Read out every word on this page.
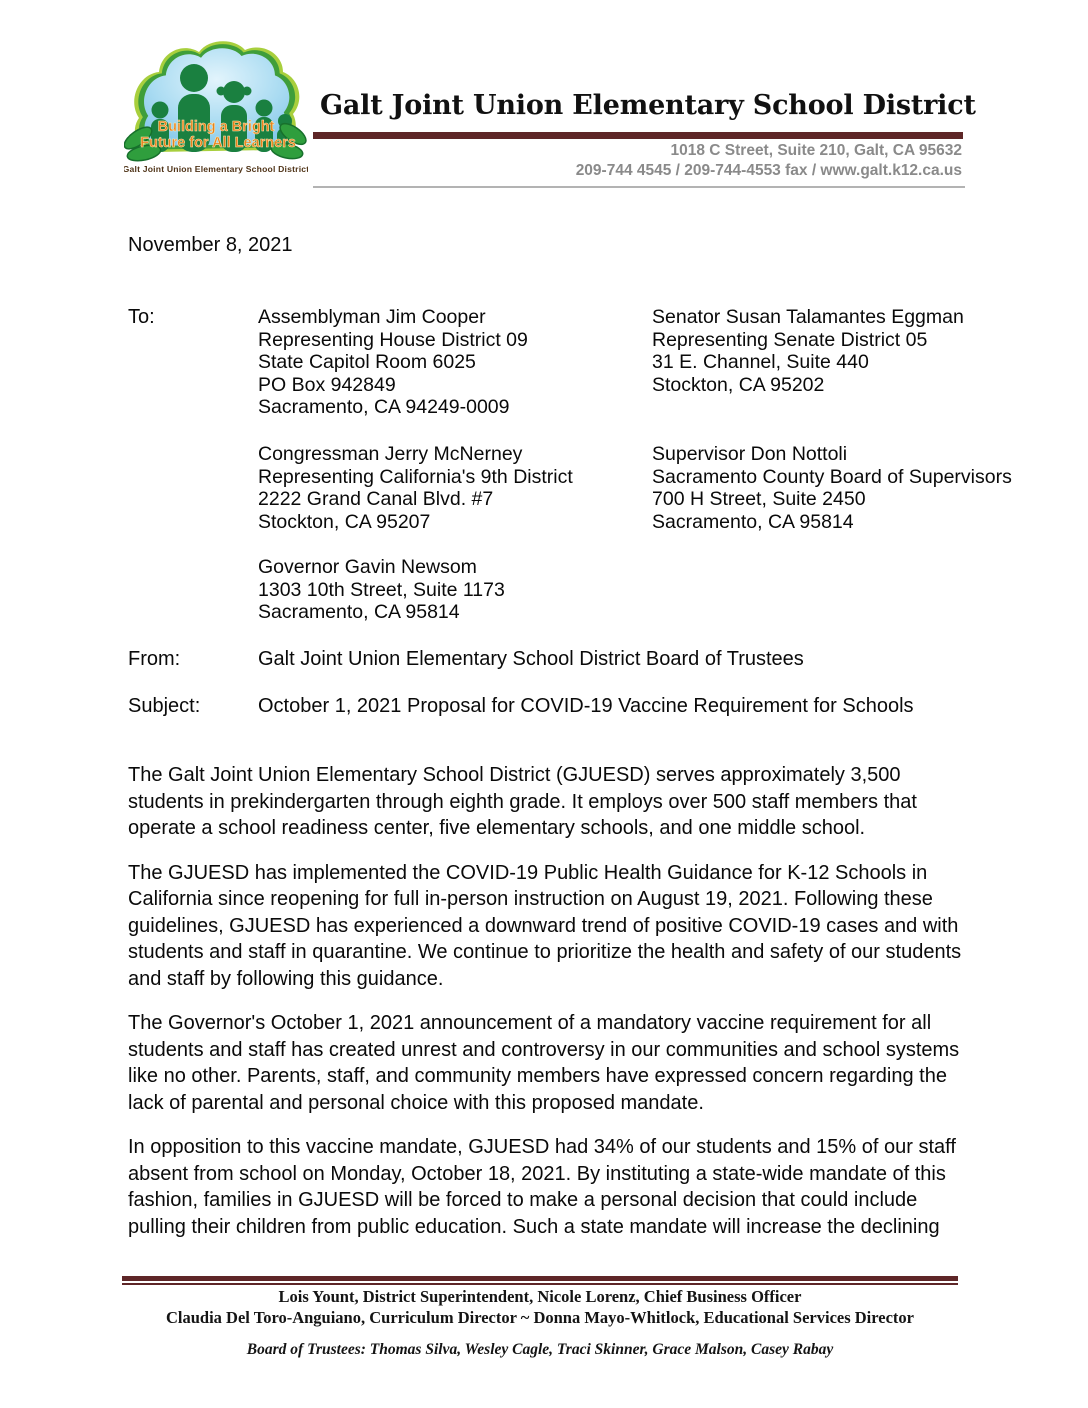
Building a Bright
Future for All Learners
Galt Joint Union Elementary School District
Galt Joint Union Elementary School District
1018 C Street, Suite 210, Galt, CA 95632
209-744 4545 / 209-744-4553 fax / www.galt.k12.ca.us
November 8, 2021
To:	Assemblyman Jim Cooper
Representing House District 09
State Capitol Room 6025
PO Box 942849
Sacramento, CA 94249-0009
Senator Susan Talamantes Eggman
Representing Senate District 05
31 E. Channel, Suite 440
Stockton, CA 95202
Congressman Jerry McNerney
Representing California's 9th District
2222 Grand Canal Blvd. #7
Stockton, CA 95207
Supervisor Don Nottoli
Sacramento County Board of Supervisors
700 H Street, Suite 2450
Sacramento, CA 95814
Governor Gavin Newsom
1303 10th Street, Suite 1173
Sacramento, CA 95814
From:	Galt Joint Union Elementary School District Board of Trustees
Subject:	October 1, 2021 Proposal for COVID-19 Vaccine Requirement for Schools

The Galt Joint Union Elementary School District (GJUESD) serves approximately 3,500 students in prekindergarten through eighth grade. It employs over 500 staff members that operate a school readiness center, five elementary schools, and one middle school.

The GJUESD has implemented the COVID-19 Public Health Guidance for K-12 Schools in California since reopening for full in-person instruction on August 19, 2021. Following these guidelines, GJUESD has experienced a downward trend of positive COVID-19 cases and with students and staff in quarantine. We continue to prioritize the health and safety of our students and staff by following this guidance.

The Governor's October 1, 2021 announcement of a mandatory vaccine requirement for all students and staff has created unrest and controversy in our communities and school systems like no other. Parents, staff, and community members have expressed concern regarding the lack of parental and personal choice with this proposed mandate.

In opposition to this vaccine mandate, GJUESD had 34% of our students and 15% of our staff absent from school on Monday, October 18, 2021. By instituting a state-wide mandate of this fashion, families in GJUESD will be forced to make a personal decision that could include pulling their children from public education. Such a state mandate will increase the declining

Lois Yount, District Superintendent, Nicole Lorenz, Chief Business Officer
Claudia Del Toro-Anguiano, Curriculum Director ~ Donna Mayo-Whitlock, Educational Services Director
Board of Trustees: Thomas Silva, Wesley Cagle, Traci Skinner, Grace Malson, Casey Rabay
